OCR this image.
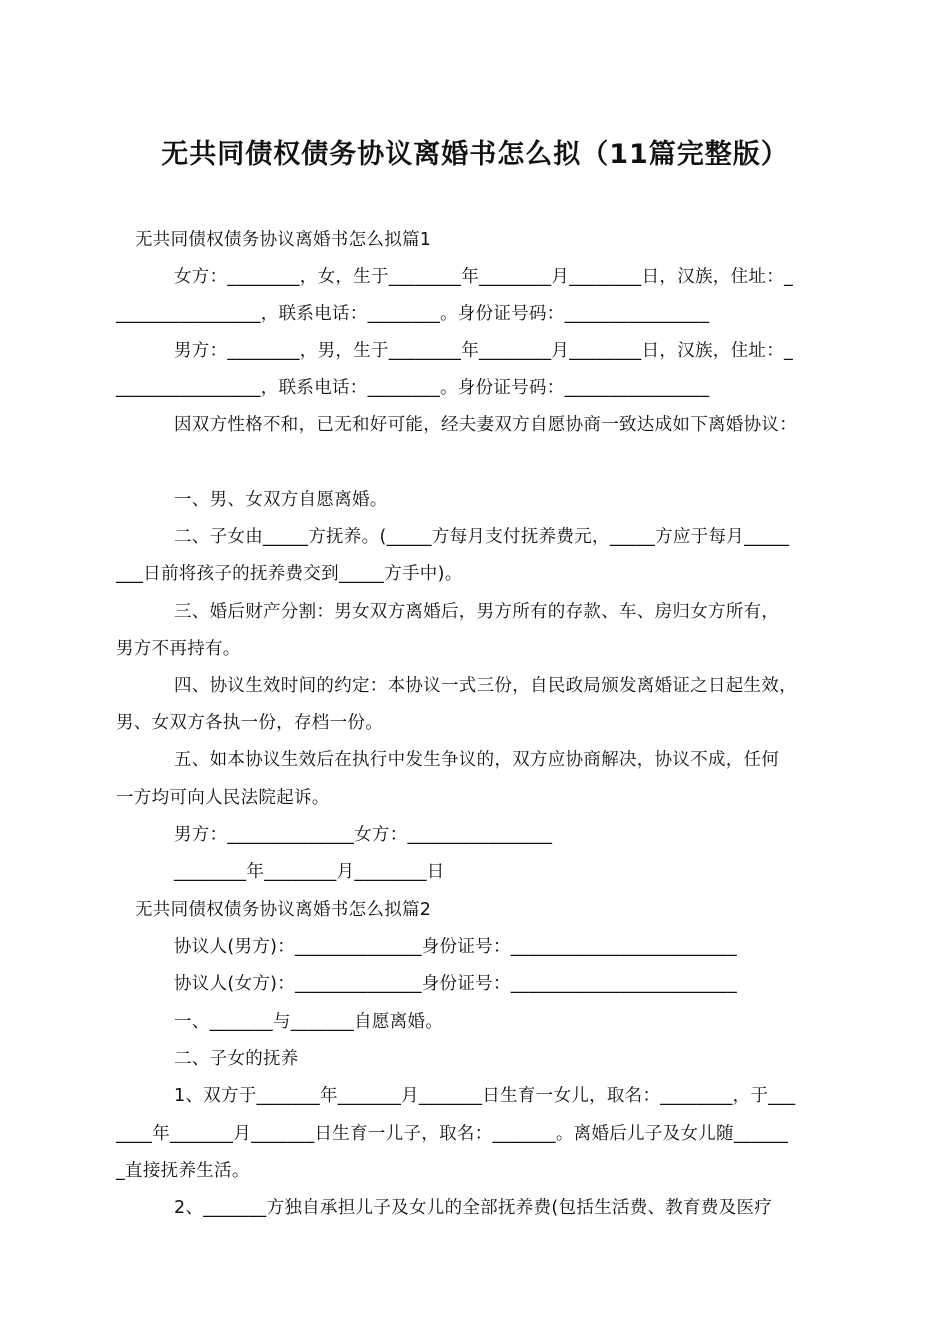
无共同债权债务协议离婚书怎么拟（11篇完整版）
无共同债权债务协议离婚书怎么拟篇1
女方：________，女，生于________年________月________日，汉族，住址：_
________________，联系电话：________。身份证号码：________________
男方：________，男，生于________年________月________日，汉族，住址：_
________________，联系电话：________。身份证号码：________________
因双方性格不和，已无和好可能，经夫妻双方自愿协商一致达成如下离婚协议：
一、男、女双方自愿离婚。
二、子女由_____方抚养。(_____方每月支付抚养费元，_____方应于每月_____
___日前将孩子的抚养费交到_____方手中)。
三、婚后财产分割：男女双方离婚后，男方所有的存款、车、房归女方所有，
男方不再持有。
四、协议生效时间的约定：本协议一式三份，自民政局颁发离婚证之日起生效，
男、女双方各执一份，存档一份。
五、如本协议生效后在执行中发生争议的，双方应协商解决，协议不成，任何
一方均可向人民法院起诉。
男方：______________女方：________________
________年________月________日
无共同债权债务协议离婚书怎么拟篇2
协议人(男方)：______________身份证号：_________________________
协议人(女方)：______________身份证号：_________________________
一、_______与_______自愿离婚。
二、子女的抚养
1、双方于_______年_______月_______日生育一女儿，取名：________，于___
____年_______月_______日生育一儿子，取名：_______。离婚后儿子及女儿随______
_直接抚养生活。
2、_______方独自承担儿子及女儿的全部抚养费(包括生活费、教育费及医疗
